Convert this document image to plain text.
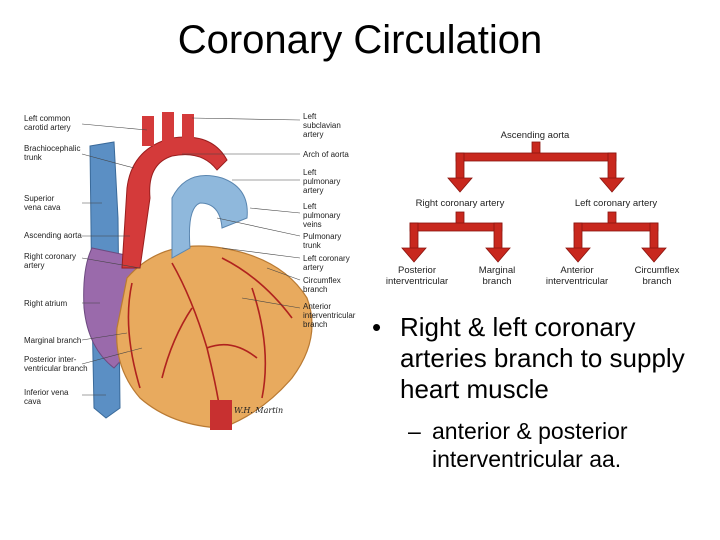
Coronary Circulation
Left common
carotid artery
Brachiocephalic
trunk
Superior
vena cava
Ascending aorta
Right coronary
artery
Right atrium
Marginal branch
Posterior inter-
ventricular branch
Inferior vena
cava
Left
subclavian
artery
Arch of aorta
Left
pulmonary
artery
Left
pulmonary
veins
Pulmonary
trunk
Left coronary
artery
Circumflex
branch
Anterior
interventricular
branch
W.H. Martin
Ascending aorta
Right coronary artery	Left coronary artery
Posterior
interventricular
Marginal
branch
Anterior
interventricular
Circumflex
branch
• Right & left coronary arteries branch to supply heart muscle
– anterior & posterior interventricular aa.
